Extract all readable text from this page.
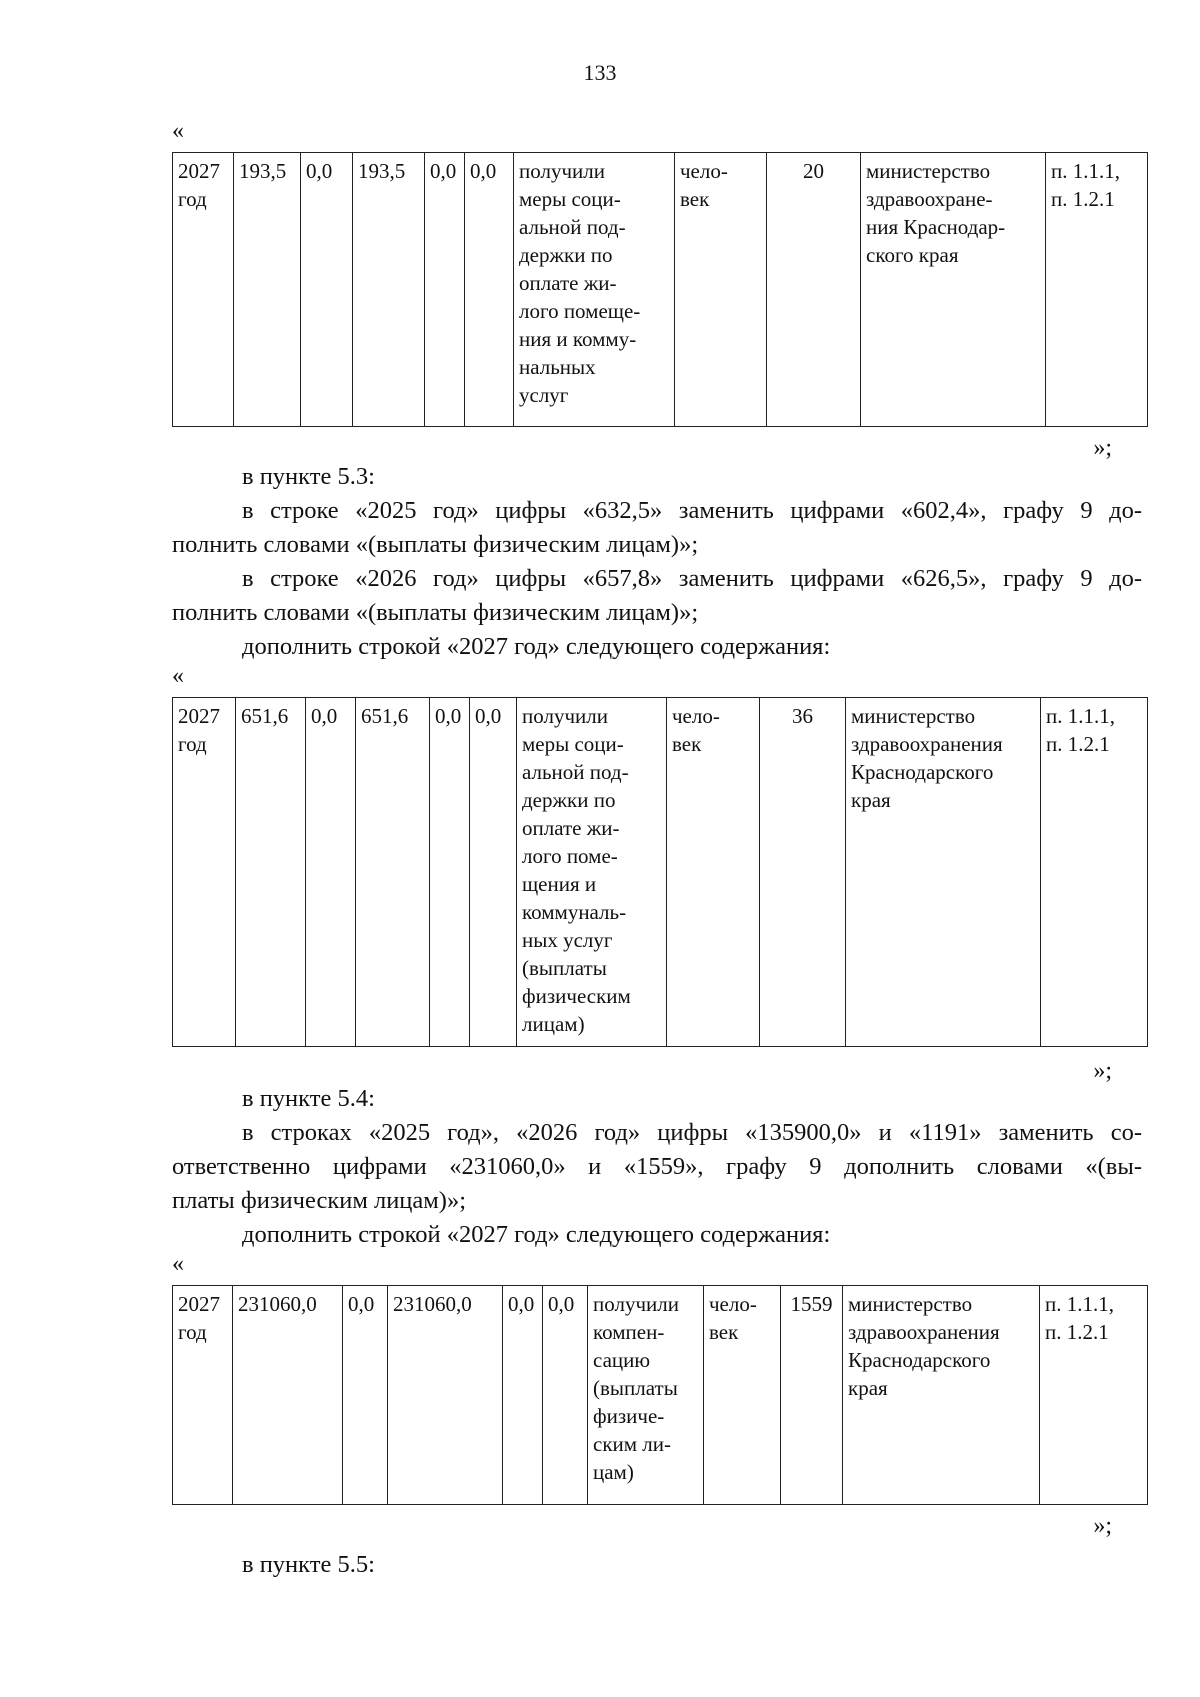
133
«
2027
год	193,5	0,0	193,5	0,0	0,0	получили
меры соци-
альной под-
держки по
оплате жи-
лого помеще-
ния и комму-
нальных
услуг	чело-
век	20	министерство
здравоохране-
ния Краснодар-
ского края	п. 1.1.1,
п. 1.2.1
»;
в пункте 5.3:
в строке «2025 год» цифры «632,5» заменить цифрами «602,4», графу 9 до-
полнить словами «(выплаты физическим лицам)»;
в строке «2026 год» цифры «657,8» заменить цифрами «626,5», графу 9 до-
полнить словами «(выплаты физическим лицам)»;
дополнить строкой «2027 год» следующего содержания:
«
2027
год	651,6	0,0	651,6	0,0	0,0	получили
меры соци-
альной под-
держки по
оплате жи-
лого поме-
щения и
коммуналь-
ных услуг
(выплаты
физическим
лицам)	чело-
век	36	министерство
здравоохранения
Краснодарского
края	п. 1.1.1,
п. 1.2.1
»;
в пункте 5.4:
в строках «2025 год», «2026 год» цифры «135900,0» и «1191» заменить со-
ответственно цифрами «231060,0» и «1559», графу 9 дополнить словами «(вы-
платы физическим лицам)»;
дополнить строкой «2027 год» следующего содержания:
«
2027
год	231060,0	0,0	231060,0	0,0	0,0	получили
компен-
сацию
(выплаты
физиче-
ским ли-
цам)	чело-
век	1559	министерство
здравоохранения
Краснодарского
края	п. 1.1.1,
п. 1.2.1
»;
в пункте 5.5:
